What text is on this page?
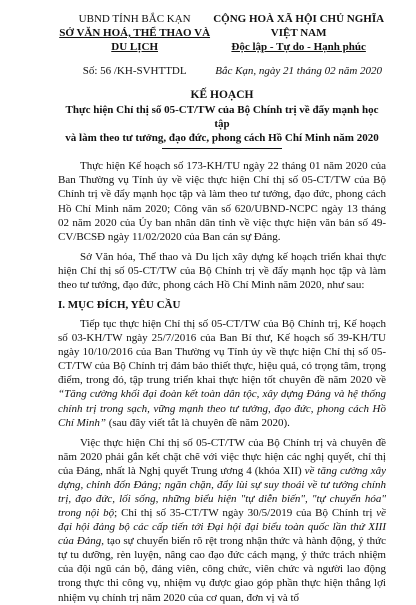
UBND TỈNH BẮC KẠN
SỞ VĂN HOÁ, THỂ THAO VÀ DU LỊCH
CỘNG HOÀ XÃ HỘI CHỦ NGHĨA VIỆT NAM
Độc lập - Tự do - Hạnh phúc
Số: 56 /KH-SVHTTDL	Bắc Kạn, ngày 21 tháng 02 năm 2020
KẾ HOẠCH
Thực hiện Chỉ thị số 05-CT/TW của Bộ Chính trị về đẩy mạnh học tập
và làm theo tư tưởng, đạo đức, phong cách Hồ Chí Minh năm 2020

Thực hiện Kế hoạch số 173-KH/TU ngày 22 tháng 01 năm 2020 của Ban Thường vụ Tỉnh ủy về việc thực hiện Chỉ thị số 05-CT/TW của Bộ Chính trị về đẩy mạnh học tập và làm theo tư tưởng, đạo đức, phong cách Hồ Chí Minh năm 2020; Công văn số 620/UBND-NCPC ngày 13 tháng 02 năm 2020 của Ủy ban nhân dân tỉnh về việc thực hiện văn bản số 49-CV/BCSĐ ngày 11/02/2020 của Ban cán sự Đảng.

Sở Văn hóa, Thể thao và Du lịch xây dựng kế hoạch triển khai thực hiện Chỉ thị số 05-CT/TW của Bộ Chính trị về đẩy mạnh học tập và làm theo tư tưởng, đạo đức, phong cách Hồ Chí Minh năm 2020, như sau:

I. MỤC ĐÍCH, YÊU CẦU

Tiếp tục thực hiện Chỉ thị số 05-CT/TW của Bộ Chính trị, Kế hoạch số 03-KH/TW ngày 25/7/2016 của Ban Bí thư, Kế hoạch số 39-KH/TU ngày 10/10/2016 của Ban Thường vụ Tỉnh ủy về thực hiện Chỉ thị số 05-CT/TW của Bộ Chính trị đảm bảo thiết thực, hiệu quả, có trọng tâm, trọng điểm, trong đó, tập trung triển khai thực hiện tốt chuyên đề năm 2020 về “Tăng cường khối đại đoàn kết toàn dân tộc, xây dựng Đảng và hệ thống chính trị trong sạch, vững mạnh theo tư tưởng, đạo đức, phong cách Hồ Chí Minh” (sau đây viết tắt là chuyên đề năm 2020).

Việc thực hiện Chỉ thị số 05-CT/TW của Bộ Chính trị và chuyên đề năm 2020 phải gắn kết chặt chẽ với việc thực hiện các nghị quyết, chỉ thị của Đảng, nhất là Nghị quyết Trung ương 4 (khóa XII) về tăng cường xây dựng, chỉnh đốn Đảng; ngăn chặn, đẩy lùi sự suy thoái về tư tưởng chính trị, đạo đức, lối sống, những biểu hiện "tự diễn biến", "tự chuyển hóa" trong nội bộ; Chỉ thị số 35-CT/TW ngày 30/5/2019 của Bộ Chính trị về đại hội đảng bộ các cấp tiến tới Đại hội đại biểu toàn quốc lần thứ XIII của Đảng, tạo sự chuyển biến rõ rệt trong nhận thức và hành động, ý thức tự tu dưỡng, rèn luyện, nâng cao đạo đức cách mạng, ý thức trách nhiệm của đội ngũ cán bộ, đảng viên, công chức, viên chức và người lao động trong thực thi công vụ, nhiệm vụ được giao góp phần thực hiện thắng lợi nhiệm vụ chính trị năm 2020 của cơ quan, đơn vị và tổ
